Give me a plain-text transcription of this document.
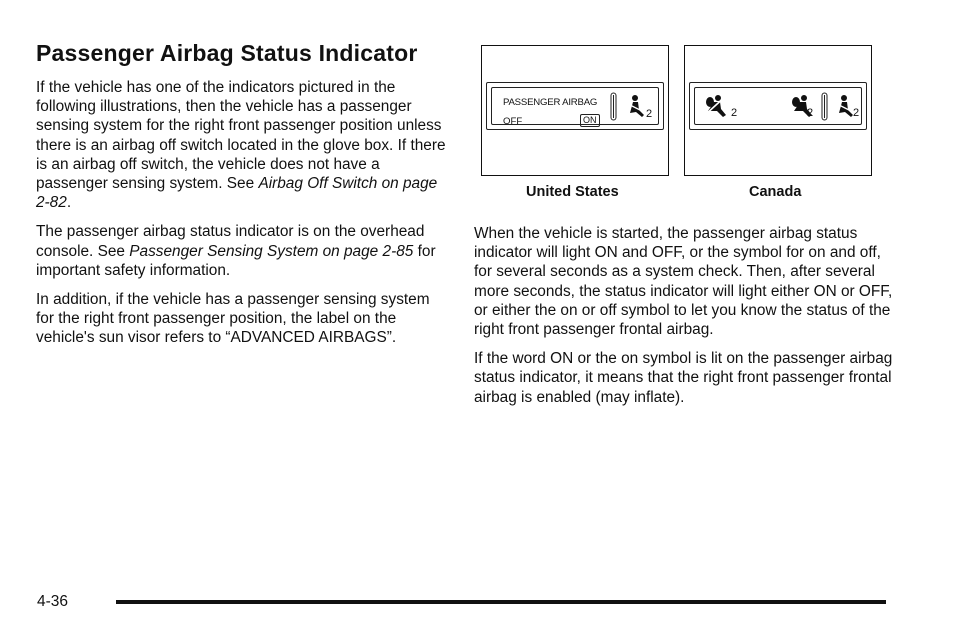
Passenger Airbag Status Indicator

If the vehicle has one of the indicators pictured in the following illustrations, then the vehicle has a passenger sensing system for the right front passenger position unless there is an airbag off switch located in the glove box. If there is an airbag off switch, the vehicle does not have a passenger sensing system. See Airbag Off Switch on page 2‑82.

The passenger airbag status indicator is on the overhead console. See Passenger Sensing System on page 2‑85 for important safety information.

In addition, if the vehicle has a passenger sensing system for the right front passenger position, the label on the vehicle's sun visor refers to “ADVANCED AIRBAGS”.

PASSENGER AIRBAG
OFF	ON	2
United States
2	2	2
Canada

When the vehicle is started, the passenger airbag status indicator will light ON and OFF, or the symbol for on and off, for several seconds as a system check. Then, after several more seconds, the status indicator will light either ON or OFF, or either the on or off symbol to let you know the status of the right front passenger frontal airbag.

If the word ON or the on symbol is lit on the passenger airbag status indicator, it means that the right front passenger frontal airbag is enabled (may inflate).

4-36
